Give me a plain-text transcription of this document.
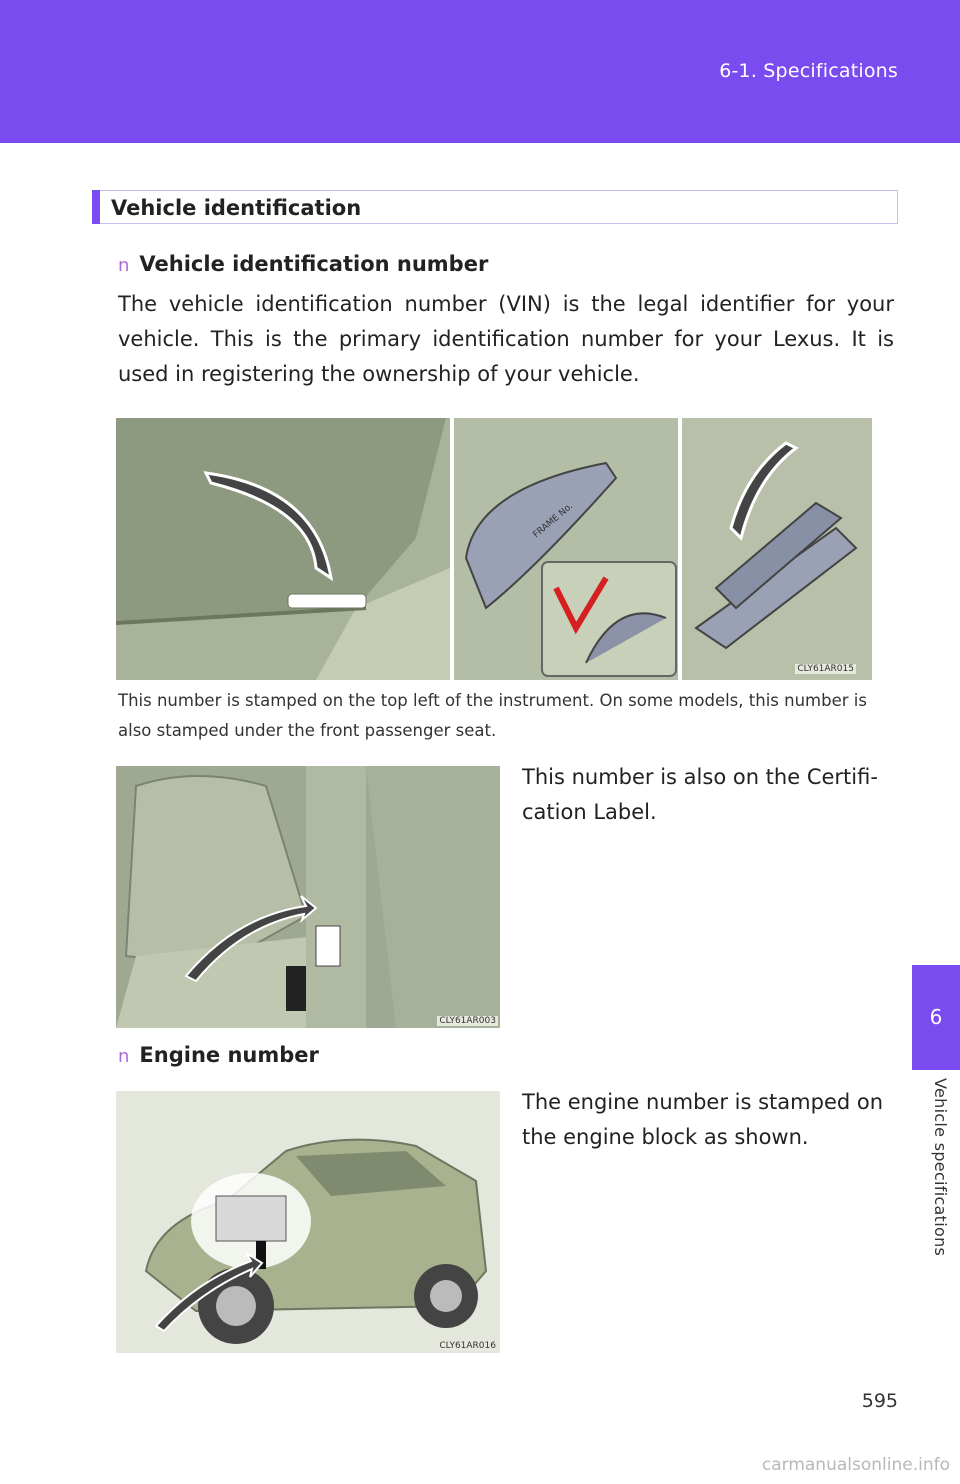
6-1. Specifications
6
Vehicle specifications
Vehicle identification
n Vehicle identification number
The vehicle identification number (VIN) is the legal identifier for your vehicle. This is the primary identification number for your Lexus. It is used in registering the ownership of your vehicle.
FRAME No.
CLY61AR015
This number is stamped on the top left of the instrument. On some models, this number is also stamped under the front passenger seat.
CLY61AR003
This number is also on the Certifi-cation Label.
n Engine number
CLY61AR016
The engine number is stamped on the engine block as shown.
595
carmanualsonline.info
